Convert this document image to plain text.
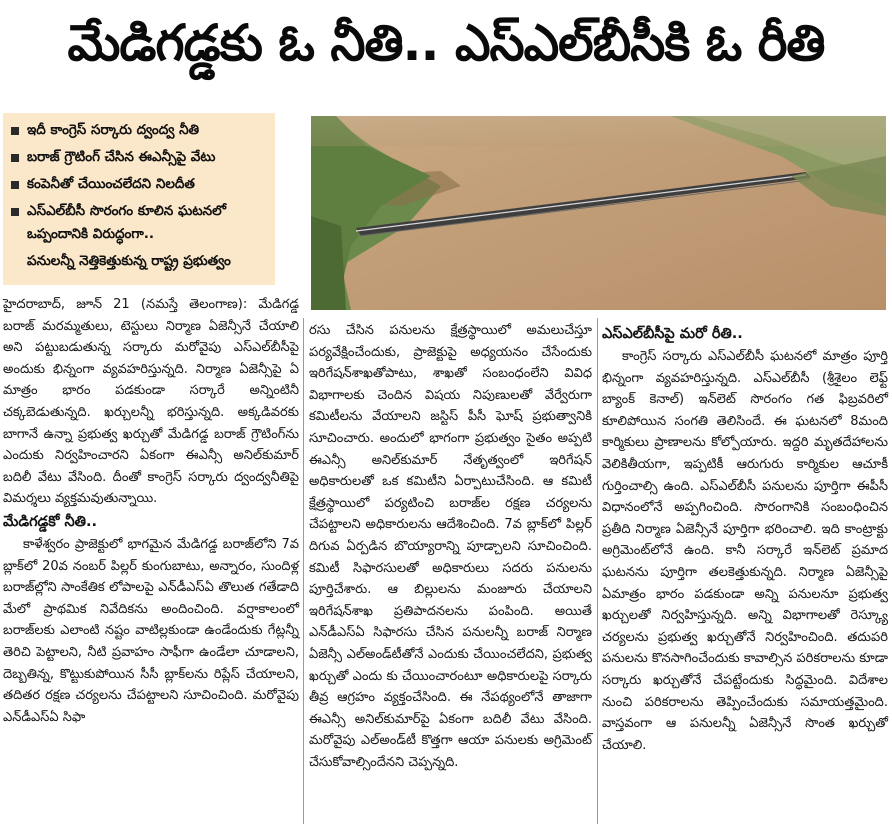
మేడిగడ్డకు ఓ నీతి.. ఎస్‌ఎల్‌బీసీకి ఓ రీతి
ఇదీ కాంగ్రెస్‌ సర్కారు ద్వంద్వ నీతి
బరాజ్‌ గ్రౌటింగ్‌ చేసిన ఈఎన్సీపై వేటు
కంపెనీతో చేయించలేదని నిలదీత
ఎస్‌ఎల్‌బీసీ సొరంగం కూలిన ఘటనలో ఒప్పందానికి విరుద్ధంగా..
పనులన్నీ నెత్తికెత్తుకున్న రాష్ట్ర ప్రభుత్వం

హైదరాబాద్‌, జూన్‌ 21 (నమస్తే తెలంగాణ): మేడిగడ్డ బరాజ్‌ మరమ్మతులు, టెస్టులు నిర్మాణ ఏజెన్సీనే చేయాలి అని పట్టుబడుతున్న సర్కారు మరోవైపు ఎస్‌ఎల్‌బీసీపై అందుకు భిన్నంగా వ్యవహరిస్తున్నది. నిర్మాణ ఏజెన్సీపై ఏ మాత్రం భారం పడకుండా సర్కారే అన్నింటినీ చక్కబెడుతున్నది. ఖర్చులన్నీ భరిస్తున్నది. అక్కడివరకు బాగానే ఉన్నా ప్రభుత్వ ఖర్చుతో మేడిగడ్డ బరాజ్‌ గ్రౌటింగ్‌ను ఎందుకు నిర్వహించారని ఏకంగా ఈఎన్సీ అనిల్‌కుమార్‌ బదిలీ వేటు వేసింది. దీంతో కాంగ్రెస్‌ సర్కారు ద్వంద్వనీతిపై విమర్శలు వ్యక్తమవుతున్నాయి.

మేడిగడ్డకో నీతి..

కాళేశ్వరం ప్రాజెక్టులో భాగమైన మేడిగడ్డ బరాజ్‌లోని 7వ బ్లాక్‌లో 20వ నంబర్‌ పిల్లర్‌ కుంగుబాటు, అన్నారం, సుందిళ్ల బరాజ్‌ల్లోని సాంకేతిక లోపాలపై ఎన్‌డీఎస్‌ఏ తొలుత గతేడాది మేలో ప్రాథమిక నివేదికను అందించింది. వర్షాకాలంలో బరాజ్‌లకు ఎలాంటి నష్టం వాటిల్లకుండా ఉండేందుకు గేట్లన్నీ తెరిచి పెట్టాలని, నీటి ప్రవాహం సాఫీగా ఉండేలా చూడాలని, దెబ్బతిన్న, కొట్టుకుపోయిన సీసీ బ్లాక్‌లను రిప్లేస్‌ చేయాలని, తదితర రక్షణ చర్యలను చేపట్టాలని సూచించింది. మరోవైపు ఎన్‌డీఎస్‌ఏ సిఫా

రసు చేసిన పనులను క్షేత్రస్థాయిలో అమలుచేస్తూ పర్యవేక్షించేందుకు, ప్రాజెక్టుపై అధ్యయనం చేసేందుకు ఇరిగేషన్‌శాఖతోపాటు, శాఖతో సంబంధంలేని వివిధ విభాగాలకు చెందిన విషయ నిపుణులతో వేర్వేరుగా కమిటీలను వేయాలని జస్టిస్‌ పీసీ ఘోష్‌ ప్రభుత్వానికి సూచించారు. అందులో భాగంగా ప్రభుత్వం సైతం అప్పటి ఈఎన్సీ అనిల్‌కుమార్‌ నేతృత్వంలో ఇరిగేషన్‌ అధికారులతో ఒక కమిటీని ఏర్పాటుచేసింది. ఆ కమిటీ క్షేత్రస్థాయిలో పర్యటించి బరాజ్‌ల రక్షణ చర్యలను చేపట్టాలని అధికారులను ఆదేశించింది. 7వ బ్లాక్‌లో పిల్లర్‌ దిగువ ఏర్పడిన బొయ్యారాన్ని పూడ్చాలని సూచించింది. కమిటీ సిఫారసులతో అధికారులు సదరు పనులను పూర్తిచేశారు. ఆ బిల్లులను మంజూరు చేయాలని ఇరిగేషన్‌శాఖ ప్రతిపాదనలను పంపింది. అయితే ఎన్‌డీఎస్‌ఏ సిఫారసు చేసిన పనులన్నీ బరాజ్‌ నిర్మాణ ఏజెన్సీ ఎల్‌అండ్‌టీతోనే ఎందుకు చేయించలేదని, ప్రభుత్వ ఖర్చుతో ఎందు కు చేయించారంటూ అధికారులపై సర్కారు తీవ్ర ఆగ్రహం వ్యక్తంచేసింది. ఈ నేపథ్యంలోనే తాజాగా ఈఎన్సీ అనిల్‌కుమార్‌పై ఏకంగా బదిలీ వేటు వేసింది. మరోవైపు ఎల్‌అండ్‌టీ కొత్తగా ఆయా పనులకు అగ్రిమెంట్‌ చేసుకోవాల్సిందేనని చెప్పన్నది.

ఎస్‌ఎల్‌బీసీపై మరో రీతి..

కాంగ్రెస్‌ సర్కారు ఎస్‌ఎల్‌బీసీ ఘటనలో మాత్రం పూర్తి భిన్నంగా వ్యవహరిస్తున్నది. ఎస్‌ఎల్‌బీసీ (శ్రీశైలం లెఫ్ట్‌ బ్యాంక్‌ కెనాల్‌) ఇన్‌లెట్‌ సొరంగం గత ఫిబ్రవరిలో కూలిపోయిన సంగతి తెలిసిందే. ఈ ఘటనలో 8మంది కార్మికులు ప్రాణాలను కోల్పోయారు. ఇద్దరి మృతదేహాలను వెలికితీయగా, ఇప్పటికీ ఆరుగురు కార్మికుల ఆచూకీ గుర్తించాల్సి ఉంది. ఎస్‌ఎల్‌బీసీ పనులను పూర్తిగా ఈపీసీ విధానంలోనే అప్పగించింది. సొరంగానికి సంబంధించిన ప్రతీది నిర్మాణ ఏజెన్సీనే పూర్తిగా భరించాలి. ఇది కాంట్రాక్టు అగ్రిమెంట్‌లోనే ఉంది. కానీ సర్కారే ఇన్‌లెట్‌ ప్రమాద ఘటనను పూర్తిగా తలకెత్తుకున్నది. నిర్మాణ ఏజెన్సీపై ఏమాత్రం భారం పడకుండా అన్ని పనులనూ ప్రభుత్వ ఖర్చులతో నిర్వహిస్తున్నది. అన్ని విభాగాలతో రెస్క్యూ చర్యలను ప్రభుత్వ ఖర్చుతోనే నిర్వహించింది. తదుపరి పనులను కొనసాగించేందుకు కావాల్సిన పరికరాలను కూడా సర్కారు ఖర్చుతోనే చేపట్టేందుకు సిద్ధమైంది. విదేశాల నుంచి పరికరాలను తెప్పించేందుకు సమాయత్తమైంది. వాస్తవంగా ఆ పనులన్నీ ఏజెన్సీనే సొంత ఖర్చుతో చేయాలి.
